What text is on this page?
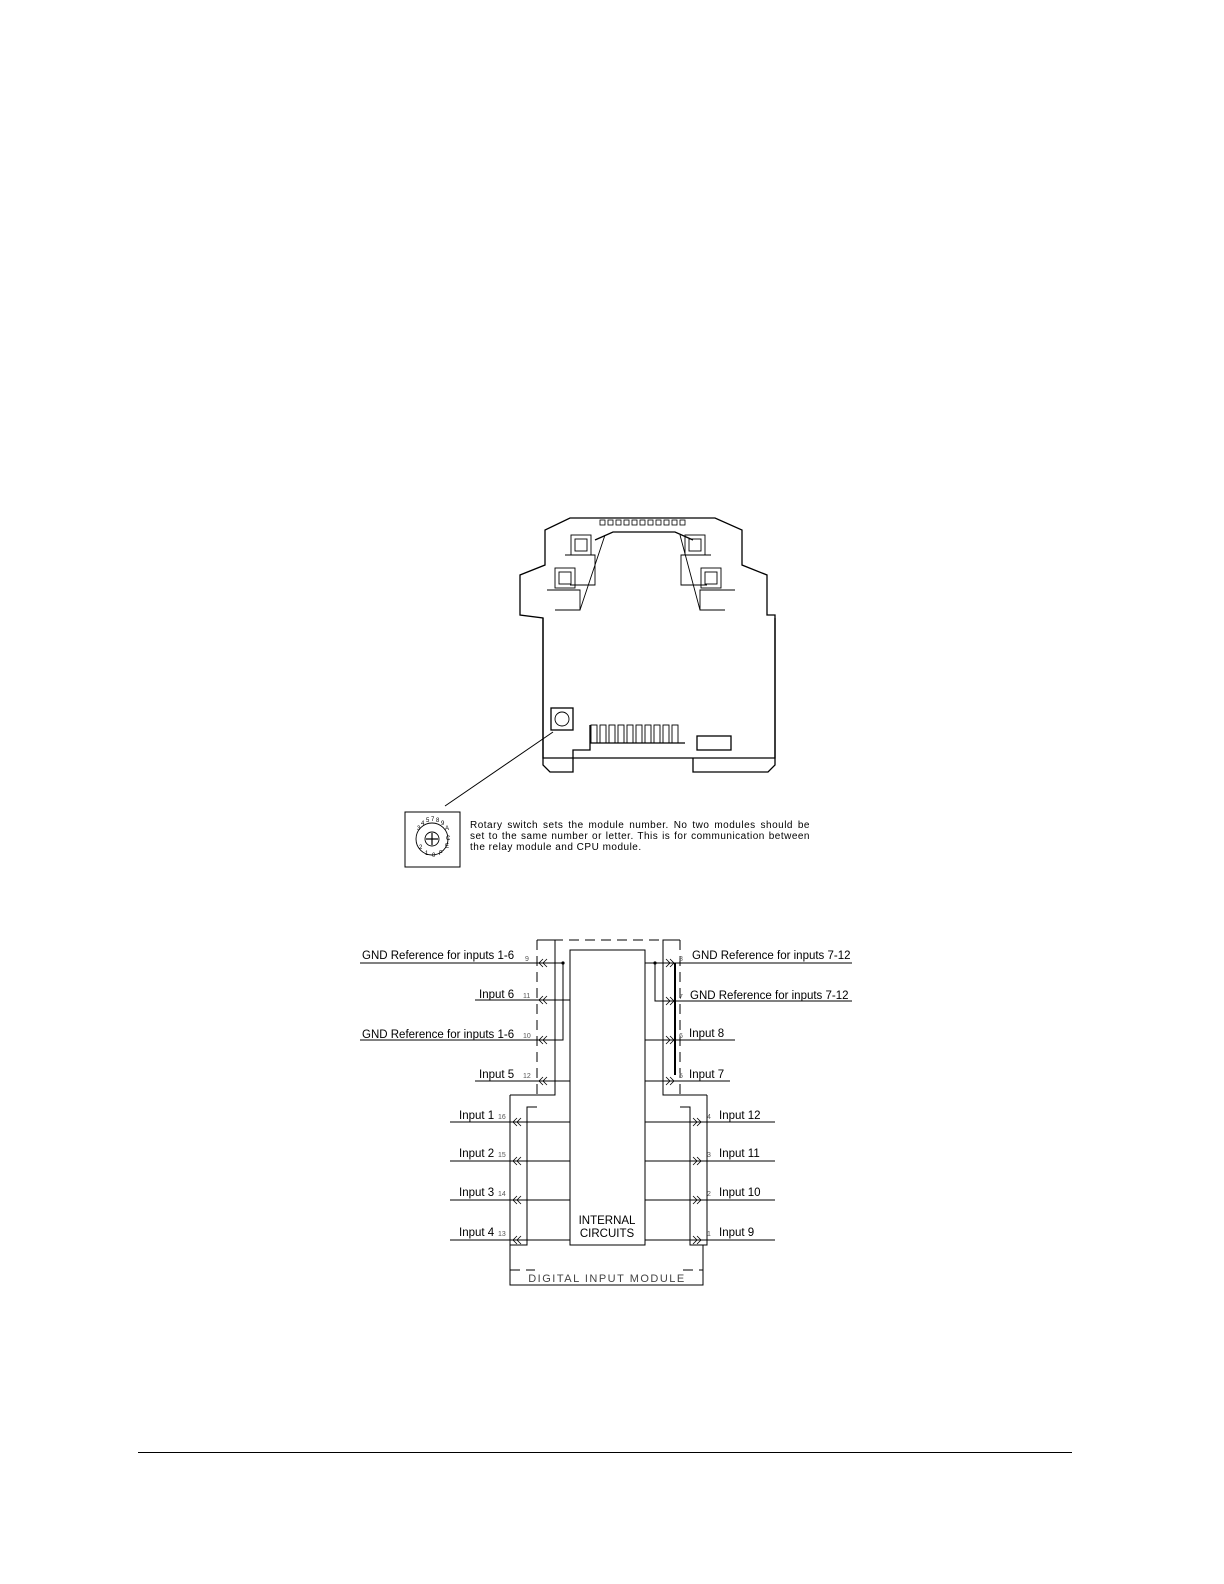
3
4 5 7 8 9
A
C
E
F
0
1
2
Rotary switch sets the module number. No two modules should be set to the same number or letter. This is for communication between the relay module and CPU module.
GND Reference for inputs 1-6 9
Input 6 11
GND Reference for inputs 1-6 10
Input 5 12
Input 1 16
Input 2 15
Input 3 14
Input 4 13
8 GND Reference for inputs 7-12
7 GND Reference for inputs 7-12
6 Input 8
5 Input 7
4 Input 12
3 Input 11
2 Input 10
1 Input 9
INTERNAL
CIRCUITS
DIGITAL INPUT MODULE
